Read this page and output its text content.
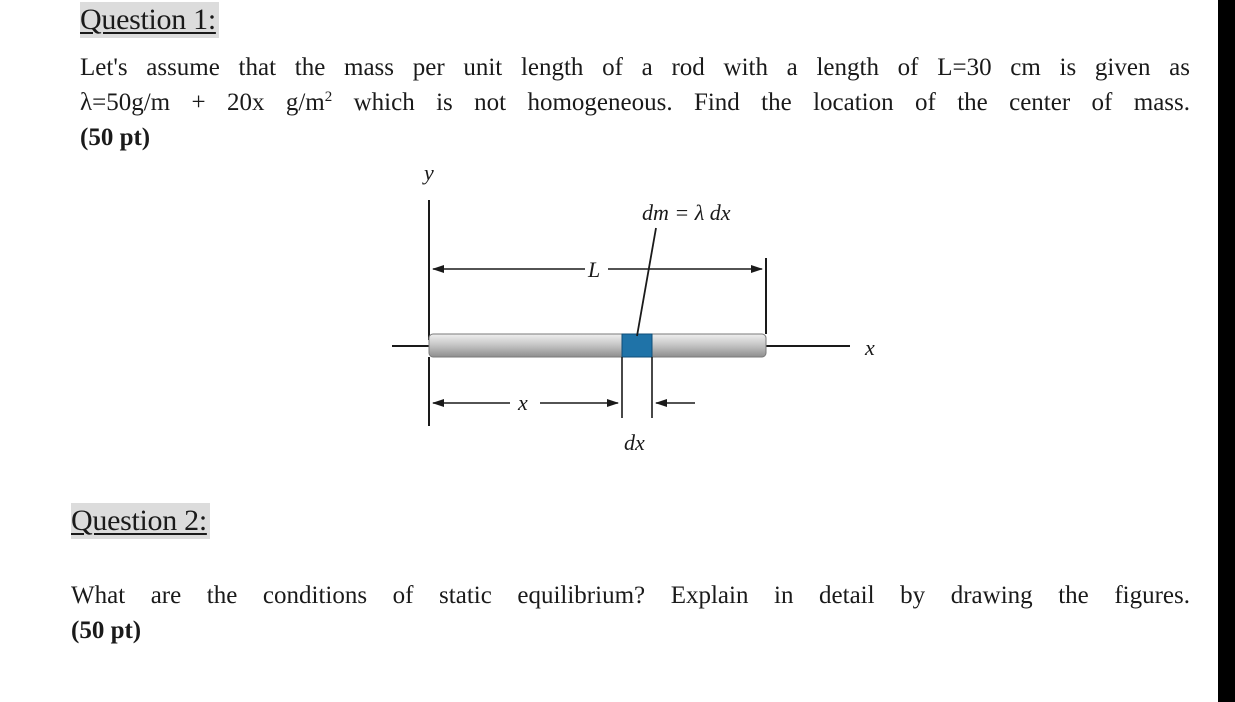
Question 1:
Let's assume that the mass per unit length of a rod with a length of L=30 cm is given as
λ=50g/m + 20x $g/m^2$ which is not homogeneous. Find the location of the center of mass.
(50 pt)
y
x
L
dm = λ dx
x
dx
Question 2:
What are the conditions of static equilibrium? Explain in detail by drawing the figures.
(50 pt)
